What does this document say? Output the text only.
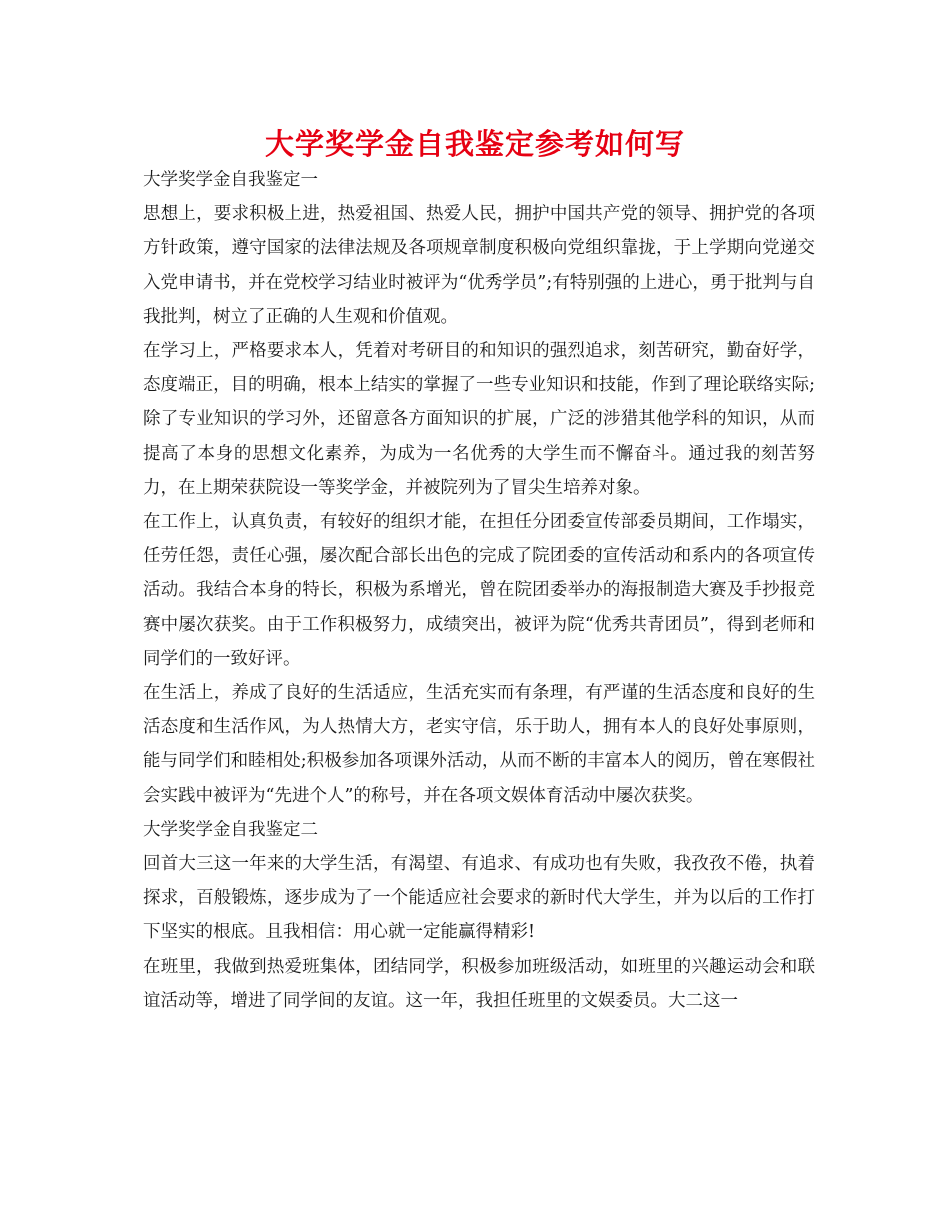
大学奖学金自我鉴定参考如何写

大学奖学金自我鉴定一

思想上，要求积极上进，热爱祖国、热爱人民，拥护中国共产党的领导、拥护党的各项方针政策，遵守国家的法律法规及各项规章制度积极向党组织靠拢，于上学期向党递交入党申请书，并在党校学习结业时被评为“优秀学员”;有特别强的上进心，勇于批判与自我批判，树立了正确的人生观和价值观。

在学习上，严格要求本人，凭着对考研目的和知识的强烈追求，刻苦研究，勤奋好学，态度端正，目的明确，根本上结实的掌握了一些专业知识和技能，作到了理论联络实际;除了专业知识的学习外，还留意各方面知识的扩展，广泛的涉猎其他学科的知识，从而提高了本身的思想文化素养，为成为一名优秀的大学生而不懈奋斗。通过我的刻苦努力，在上期荣获院设一等奖学金，并被院列为了冒尖生培养对象。

在工作上，认真负责，有较好的组织才能，在担任分团委宣传部委员期间，工作塌实，任劳任怨，责任心强，屡次配合部长出色的完成了院团委的宣传活动和系内的各项宣传活动。我结合本身的特长，积极为系增光，曾在院团委举办的海报制造大赛及手抄报竞赛中屡次获奖。由于工作积极努力，成绩突出，被评为院“优秀共青团员”，得到老师和同学们的一致好评。

在生活上，养成了良好的生活适应，生活充实而有条理，有严谨的生活态度和良好的生活态度和生活作风，为人热情大方，老实守信，乐于助人，拥有本人的良好处事原则，能与同学们和睦相处;积极参加各项课外活动，从而不断的丰富本人的阅历，曾在寒假社会实践中被评为“先进个人”的称号，并在各项文娱体育活动中屡次获奖。

大学奖学金自我鉴定二

回首大三这一年来的大学生活，有渴望、有追求、有成功也有失败，我孜孜不倦，执着探求，百般锻炼，逐步成为了一个能适应社会要求的新时代大学生，并为以后的工作打下坚实的根底。且我相信：用心就一定能赢得精彩!

在班里，我做到热爱班集体，团结同学，积极参加班级活动，如班里的兴趣运动会和联谊活动等，增进了同学间的友谊。这一年，我担任班里的文娱委员。大二这一
